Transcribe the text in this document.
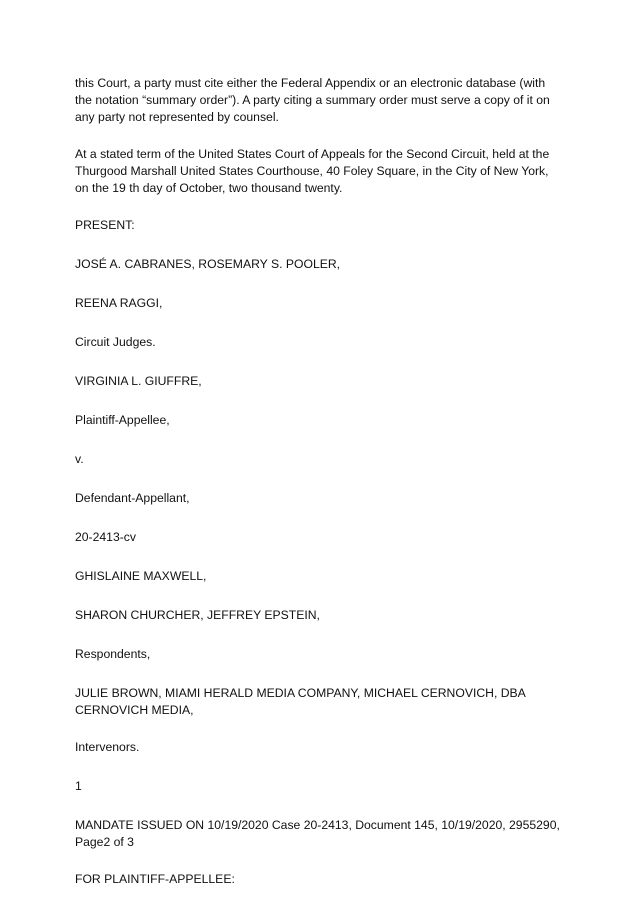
this Court, a party must cite either the Federal Appendix or an electronic database (with the notation “summary order”). A party citing a summary order must serve a copy of it on any party not represented by counsel.

At a stated term of the United States Court of Appeals for the Second Circuit, held at the Thurgood Marshall United States Courthouse, 40 Foley Square, in the City of New York, on the 19 th day of October, two thousand twenty.

PRESENT:

JOSÉ A. CABRANES, ROSEMARY S. POOLER,

REENA RAGGI,

Circuit Judges.

VIRGINIA L. GIUFFRE,

Plaintiff-Appellee,

v.

Defendant-Appellant,

20-2413-cv

GHISLAINE MAXWELL,

SHARON CHURCHER, JEFFREY EPSTEIN,

Respondents,

JULIE BROWN, MIAMI HERALD MEDIA COMPANY, MICHAEL CERNOVICH, DBA CERNOVICH MEDIA,

Intervenors.

1

MANDATE ISSUED ON 10/19/2020 Case 20-2413, Document 145, 10/19/2020, 2955290, Page2 of 3

FOR PLAINTIFF-APPELLEE:
